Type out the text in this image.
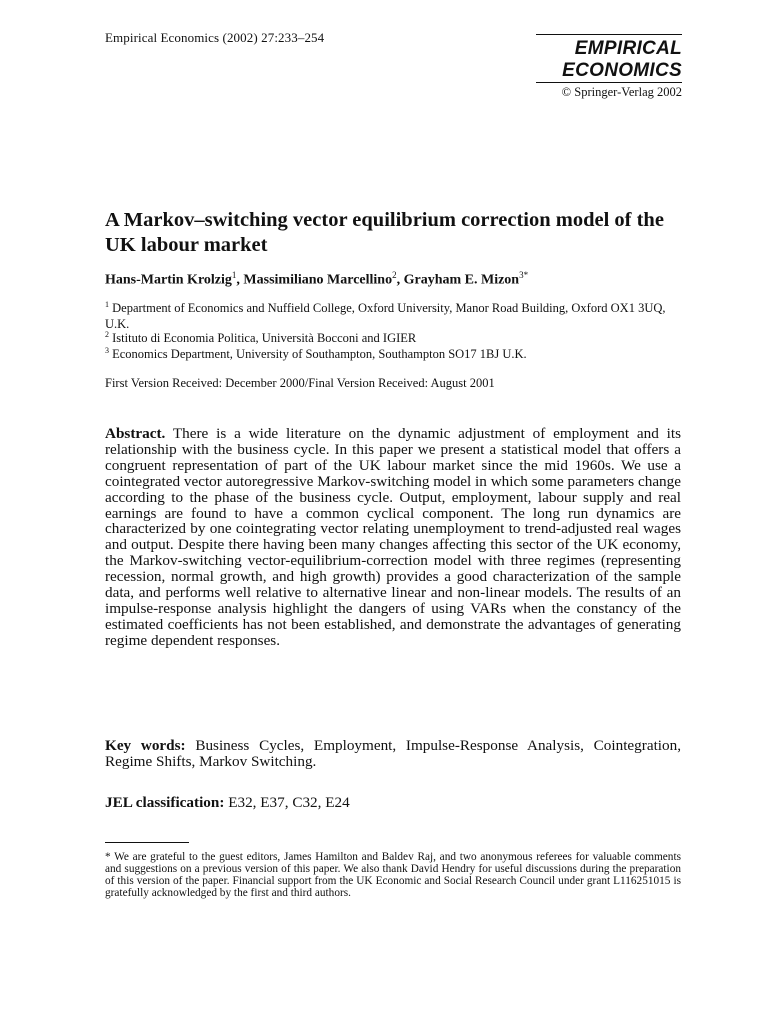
Empirical Economics (2002) 27:233–254
EMPIRICAL
ECONOMICS
© Springer-Verlag 2002
A Markov–switching vector equilibrium correction model of the UK labour market
Hans-Martin Krolzig$^1$, Massimiliano Marcellino$^2$, Grayham E. Mizon$^{3*}$
$^1$ Department of Economics and Nuffield College, Oxford University, Manor Road Building, Oxford OX1 3UQ, U.K.
$^2$ Istituto di Economia Politica, Università Bocconi and IGIER
$^3$ Economics Department, University of Southampton, Southampton SO17 1BJ U.K.
First Version Received: December 2000/Final Version Received: August 2001

Abstract. There is a wide literature on the dynamic adjustment of employment and its relationship with the business cycle. In this paper we present a statistical model that offers a congruent representation of part of the UK labour market since the mid 1960s. We use a cointegrated vector autoregressive Markov-switching model in which some parameters change according to the phase of the business cycle. Output, employment, labour supply and real earnings are found to have a common cyclical component. The long run dynamics are characterized by one cointegrating vector relating unemployment to trend-adjusted real wages and output. Despite there having been many changes affecting this sector of the UK economy, the Markov-switching vector-equilibrium-correction model with three regimes (representing recession, normal growth, and high growth) provides a good characterization of the sample data, and performs well relative to alternative linear and non-linear models. The results of an impulse-response analysis highlight the dangers of using VARs when the constancy of the estimated coefficients has not been established, and demonstrate the advantages of generating regime dependent responses.

Key words: Business Cycles, Employment, Impulse-Response Analysis, Cointegration, Regime Shifts, Markov Switching.

JEL classification: E32, E37, C32, E24

* We are grateful to the guest editors, James Hamilton and Baldev Raj, and two anonymous referees for valuable comments and suggestions on a previous version of this paper. We also thank David Hendry for useful discussions during the preparation of this version of the paper. Financial support from the UK Economic and Social Research Council under grant L116251015 is gratefully acknowledged by the first and third authors.
